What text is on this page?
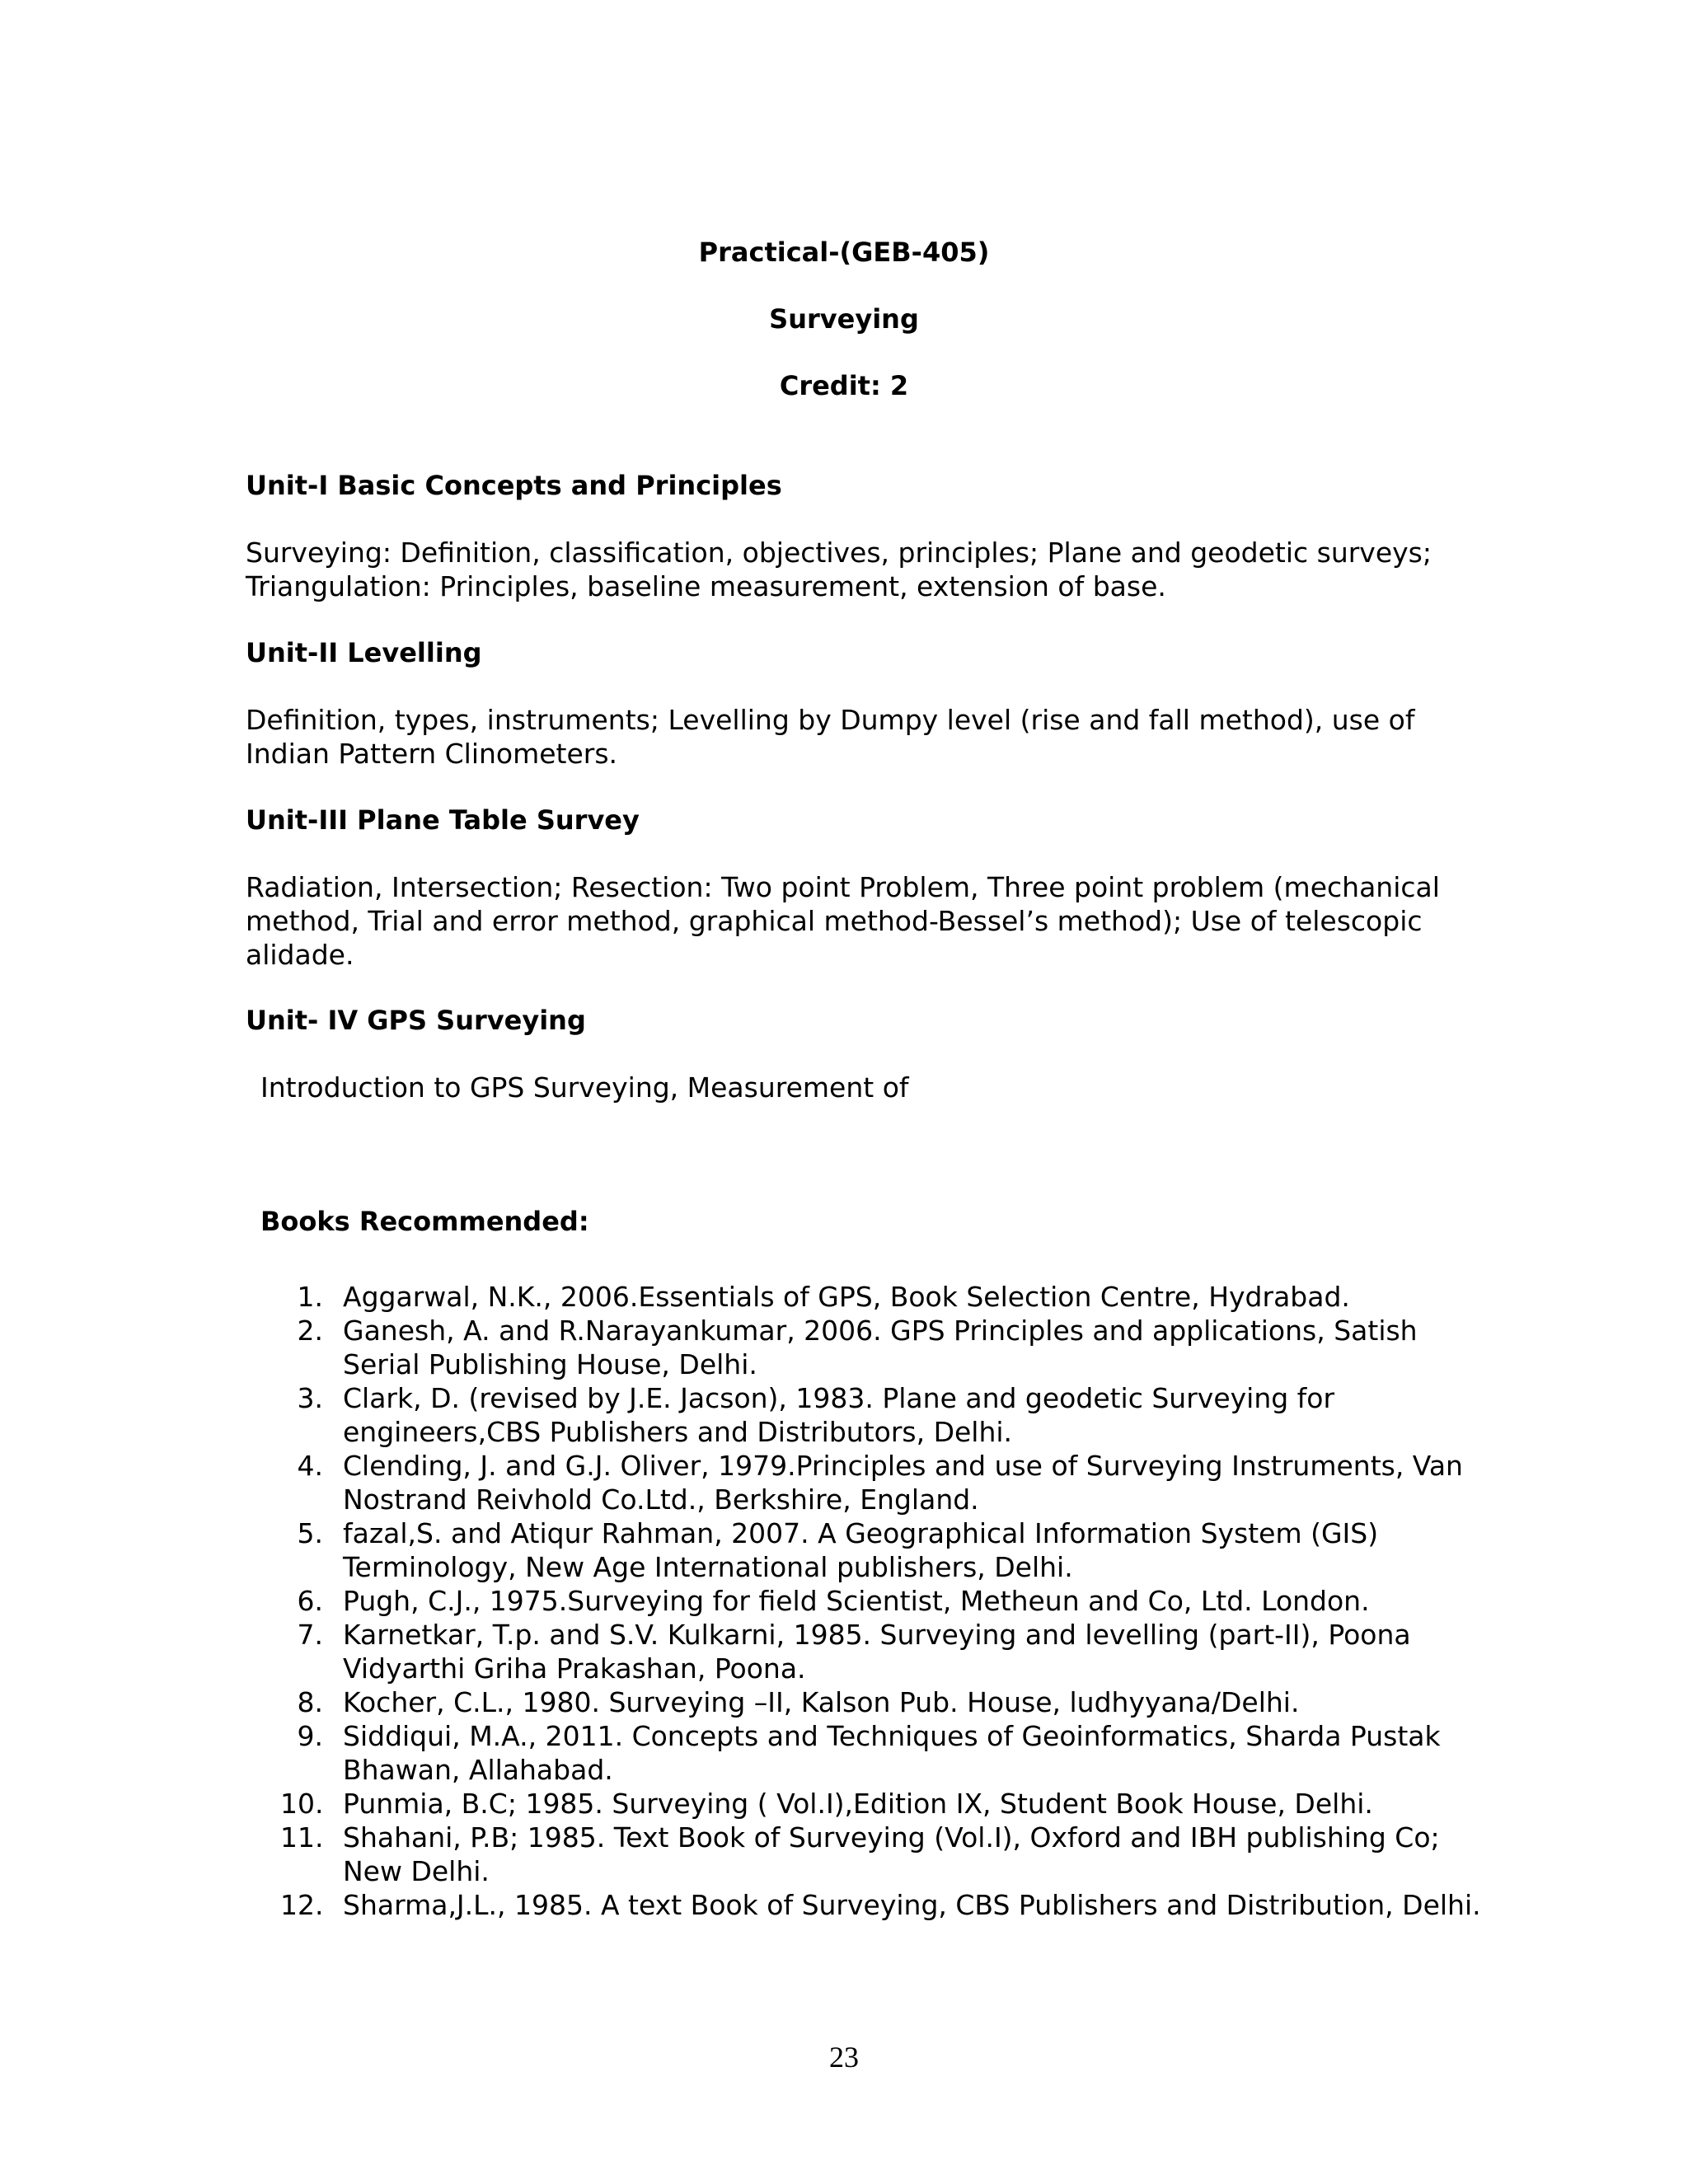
Practical-(GEB-405)
Surveying
Credit: 2
Unit-I Basic Concepts and Principles
Surveying: Definition, classification, objectives, principles; Plane and geodetic surveys;
Triangulation: Principles, baseline measurement, extension of base.
Unit-II Levelling
Definition, types, instruments; Levelling by Dumpy level (rise and fall method), use of
Indian Pattern Clinometers.
Unit-III Plane Table Survey
Radiation, Intersection; Resection: Two point Problem, Three point problem (mechanical
method, Trial and error method, graphical method-Bessel’s method); Use of telescopic
alidade.
Unit- IV GPS Surveying
Introduction to GPS Surveying, Measurement of
Books Recommended:
1. Aggarwal, N.K., 2006.Essentials of GPS, Book Selection Centre, Hydrabad.
2. Ganesh, A. and R.Narayankumar, 2006. GPS Principles and applications, Satish
Serial Publishing House, Delhi.
3. Clark, D. (revised by J.E. Jacson), 1983. Plane and geodetic Surveying for
engineers,CBS Publishers and Distributors, Delhi.
4. Clending, J. and G.J. Oliver, 1979.Principles and use of Surveying Instruments, Van
Nostrand Reivhold Co.Ltd., Berkshire, England.
5. fazal,S. and Atiqur Rahman, 2007. A Geographical Information System (GIS)
Terminology, New Age International publishers, Delhi.
6. Pugh, C.J., 1975.Surveying for field Scientist, Metheun and Co, Ltd. London.
7. Karnetkar, T.p. and S.V. Kulkarni, 1985. Surveying and levelling (part-II), Poona
Vidyarthi Griha Prakashan, Poona.
8. Kocher, C.L., 1980. Surveying –II, Kalson Pub. House, ludhyyana/Delhi.
9. Siddiqui, M.A., 2011. Concepts and Techniques of Geoinformatics, Sharda Pustak
Bhawan, Allahabad.
10. Punmia, B.C; 1985. Surveying ( Vol.I),Edition IX, Student Book House, Delhi.
11. Shahani, P.B; 1985. Text Book of Surveying (Vol.I), Oxford and IBH publishing Co;
New Delhi.
12. Sharma,J.L., 1985. A text Book of Surveying, CBS Publishers and Distribution, Delhi.
23
